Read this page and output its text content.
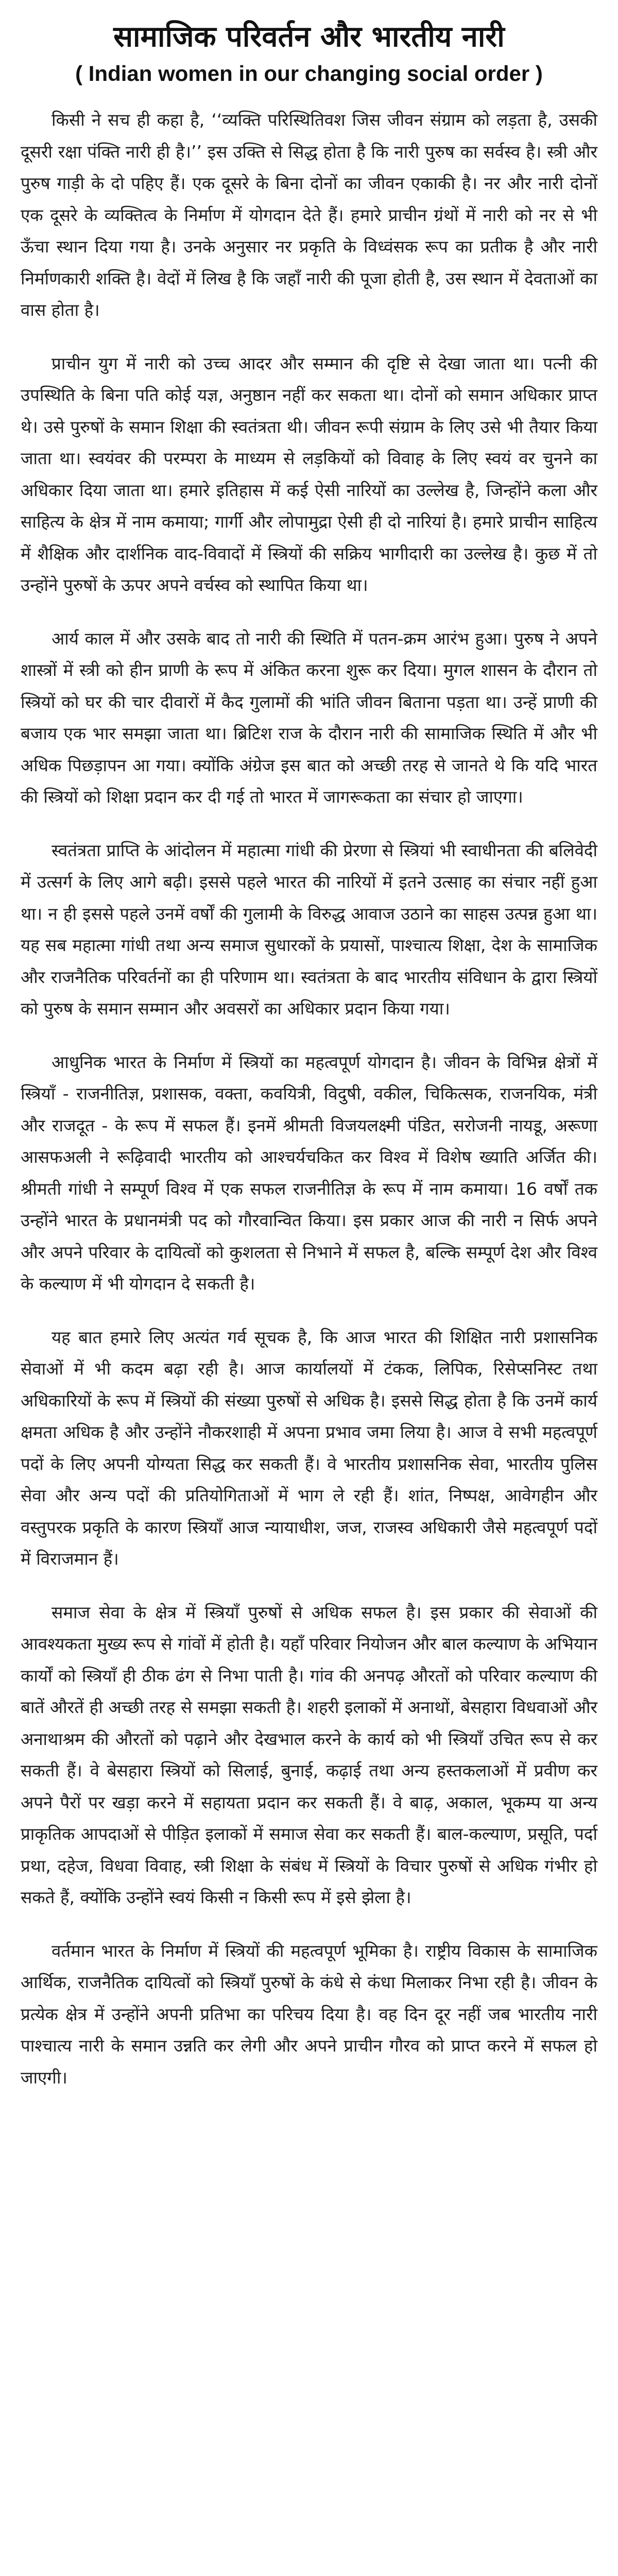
सामाजिक परिवर्तन और भारतीय नारी
( Indian women in our changing social order )

किसी ने सच ही कहा है, ‘‘व्यक्ति परिस्थितिवश जिस जीवन संग्राम को लड़ता है, उसकी दूसरी रक्षा पंक्ति नारी ही है।’’ इस उक्ति से सिद्ध होता है कि नारी पुरुष का सर्वस्व है। स्त्री और पुरुष गाड़ी के दो पहिए हैं। एक दूसरे के बिना दोनों का जीवन एकाकी है। नर और नारी दोनों एक दूसरे के व्यक्तित्व के निर्माण में योगदान देते हैं। हमारे प्राचीन ग्रंथों में नारी को नर से भी ऊँचा स्थान दिया गया है। उनके अनुसार नर प्रकृति के विध्वंसक रूप का प्रतीक है और नारी निर्माणकारी शक्ति है। वेदों में लिख है कि जहाँ नारी की पूजा होती है, उस स्थान में देवताओं का वास होता है।

प्राचीन युग में नारी को उच्च आदर और सम्मान की दृष्टि से देखा जाता था। पत्नी की उपस्थिति के बिना पति कोई यज्ञ, अनुष्ठान नहीं कर सकता था। दोनों को समान अधिकार प्राप्त थे। उसे पुरुषों के समान शिक्षा की स्वतंत्रता थी। जीवन रूपी संग्राम के लिए उसे भी तैयार किया जाता था। स्वयंवर की परम्परा के माध्यम से लड़कियों को विवाह के लिए स्वयं वर चुनने का अधिकार दिया जाता था। हमारे इतिहास में कई ऐसी नारियों का उल्लेख है, जिन्होंने कला और साहित्य के क्षेत्र में नाम कमाया; गार्गी और लोपामुद्रा ऐसी ही दो नारियां है। हमारे प्राचीन साहित्य में शैक्षिक और दार्शनिक वाद-विवादों में स्त्रियों की सक्रिय भागीदारी का उल्लेख है। कुछ में तो उन्होंने पुरुषों के ऊपर अपने वर्चस्व को स्थापित किया था।

आर्य काल में और उसके बाद तो नारी की स्थिति में पतन-क्रम आरंभ हुआ। पुरुष ने अपने शास्त्रों में स्त्री को हीन प्राणी के रूप में अंकित करना शुरू कर दिया। मुगल शासन के दौरान तो स्त्रियों को घर की चार दीवारों में कैद गुलामों की भांति जीवन बिताना पड़ता था। उन्हें प्राणी की बजाय एक भार समझा जाता था। ब्रिटिश राज के दौरान नारी की सामाजिक स्थिति में और भी अधिक पिछड़ापन आ गया। क्योंकि अंग्रेज इस बात को अच्छी तरह से जानते थे कि यदि भारत की स्त्रियों को शिक्षा प्रदान कर दी गई तो भारत में जागरूकता का संचार हो जाएगा।

स्वतंत्रता प्राप्ति के आंदोलन में महात्मा गांधी की प्रेरणा से स्त्रियां भी स्वाधीनता की बलिवेदी में उत्सर्ग के लिए आगे बढ़ी। इससे पहले भारत की नारियों में इतने उत्साह का संचार नहीं हुआ था। न ही इससे पहले उनमें वर्षों की गुलामी के विरुद्ध आवाज उठाने का साहस उत्पन्न हुआ था। यह सब महात्मा गांधी तथा अन्य समाज सुधारकों के प्रयासों, पाश्चात्य शिक्षा, देश के सामाजिक और राजनैतिक परिवर्तनों का ही परिणाम था। स्वतंत्रता के बाद भारतीय संविधान के द्वारा स्त्रियों को पुरुष के समान सम्मान और अवसरों का अधिकार प्रदान किया गया।

आधुनिक भारत के निर्माण में स्त्रियों का महत्वपूर्ण योगदान है। जीवन के विभिन्न क्षेत्रों में स्त्रियाँ - राजनीतिज्ञ, प्रशासक, वक्ता, कवयित्री, विदुषी, वकील, चिकित्सक, राजनयिक, मंत्री और राजदूत - के रूप में सफल हैं। इनमें श्रीमती विजयलक्ष्मी पंडित, सरोजनी नायडू, अरूणा आसफअली ने रूढ़िवादी भारतीय को आश्चर्यचकित कर विश्व में विशेष ख्याति अर्जित की। श्रीमती गांधी ने सम्पूर्ण विश्व में एक सफल राजनीतिज्ञ के रूप में नाम कमाया। 16 वर्षों तक उन्होंने भारत के प्रधानमंत्री पद को गौरवान्वित किया। इस प्रकार आज की नारी न सिर्फ अपने और अपने परिवार के दायित्वों को कुशलता से निभाने में सफल है, बल्कि सम्पूर्ण देश और विश्व के कल्याण में भी योगदान दे सकती है।

यह बात हमारे लिए अत्यंत गर्व सूचक है, कि आज भारत की शिक्षित नारी प्रशासनिक सेवाओं में भी कदम बढ़ा रही है। आज कार्यालयों में टंकक, लिपिक, रिसेप्सनिस्ट तथा अधिकारियों के रूप में स्त्रियों की संख्या पुरुषों से अधिक है। इससे सिद्ध होता है कि उनमें कार्य क्षमता अधिक है और उन्होंने नौकरशाही में अपना प्रभाव जमा लिया है। आज वे सभी महत्वपूर्ण पदों के लिए अपनी योग्यता सिद्ध कर सकती हैं। वे भारतीय प्रशासनिक सेवा, भारतीय पुलिस सेवा और अन्य पदों की प्रतियोगिताओं में भाग ले रही हैं। शांत, निष्पक्ष, आवेगहीन और वस्तुपरक प्रकृति के कारण स्त्रियाँ आज न्यायाधीश, जज, राजस्व अधिकारी जैसे महत्वपूर्ण पदों में विराजमान हैं।

समाज सेवा के क्षेत्र में स्त्रियाँ पुरुषों से अधिक सफल है। इस प्रकार की सेवाओं की आवश्यकता मुख्य रूप से गांवों में होती है। यहाँ परिवार नियोजन और बाल कल्याण के अभियान कार्यों को स्त्रियाँ ही ठीक ढंग से निभा पाती है। गांव की अनपढ़ औरतों को परिवार कल्याण की बातें औरतें ही अच्छी तरह से समझा सकती है। शहरी इलाकों में अनाथों, बेसहारा विधवाओं और अनाथाश्रम की औरतों को पढ़ाने और देखभाल करने के कार्य को भी स्त्रियाँ उचित रूप से कर सकती हैं। वे बेसहारा स्त्रियों को सिलाई, बुनाई, कढ़ाई तथा अन्य हस्तकलाओं में प्रवीण कर अपने पैरों पर खड़ा करने में सहायता प्रदान कर सकती हैं। वे बाढ़, अकाल, भूकम्प या अन्य प्राकृतिक आपदाओं से पीड़ित इलाकों में समाज सेवा कर सकती हैं। बाल-कल्याण, प्रसूति, पर्दा प्रथा, दहेज, विधवा विवाह, स्त्री शिक्षा के संबंध में स्त्रियों के विचार पुरुषों से अधिक गंभीर हो सकते हैं, क्योंकि उन्होंने स्वयं किसी न किसी रूप में इसे झेला है।

वर्तमान भारत के निर्माण में स्त्रियों की महत्वपूर्ण भूमिका है। राष्ट्रीय विकास के सामाजिक आर्थिक, राजनैतिक दायित्वों को स्त्रियाँ पुरुषों के कंधे से कंधा मिलाकर निभा रही है। जीवन के प्रत्येक क्षेत्र में उन्होंने अपनी प्रतिभा का परिचय दिया है। वह दिन दूर नहीं जब भारतीय नारी पाश्चात्य नारी के समान उन्नति कर लेगी और अपने प्राचीन गौरव को प्राप्त करने में सफल हो जाएगी।
